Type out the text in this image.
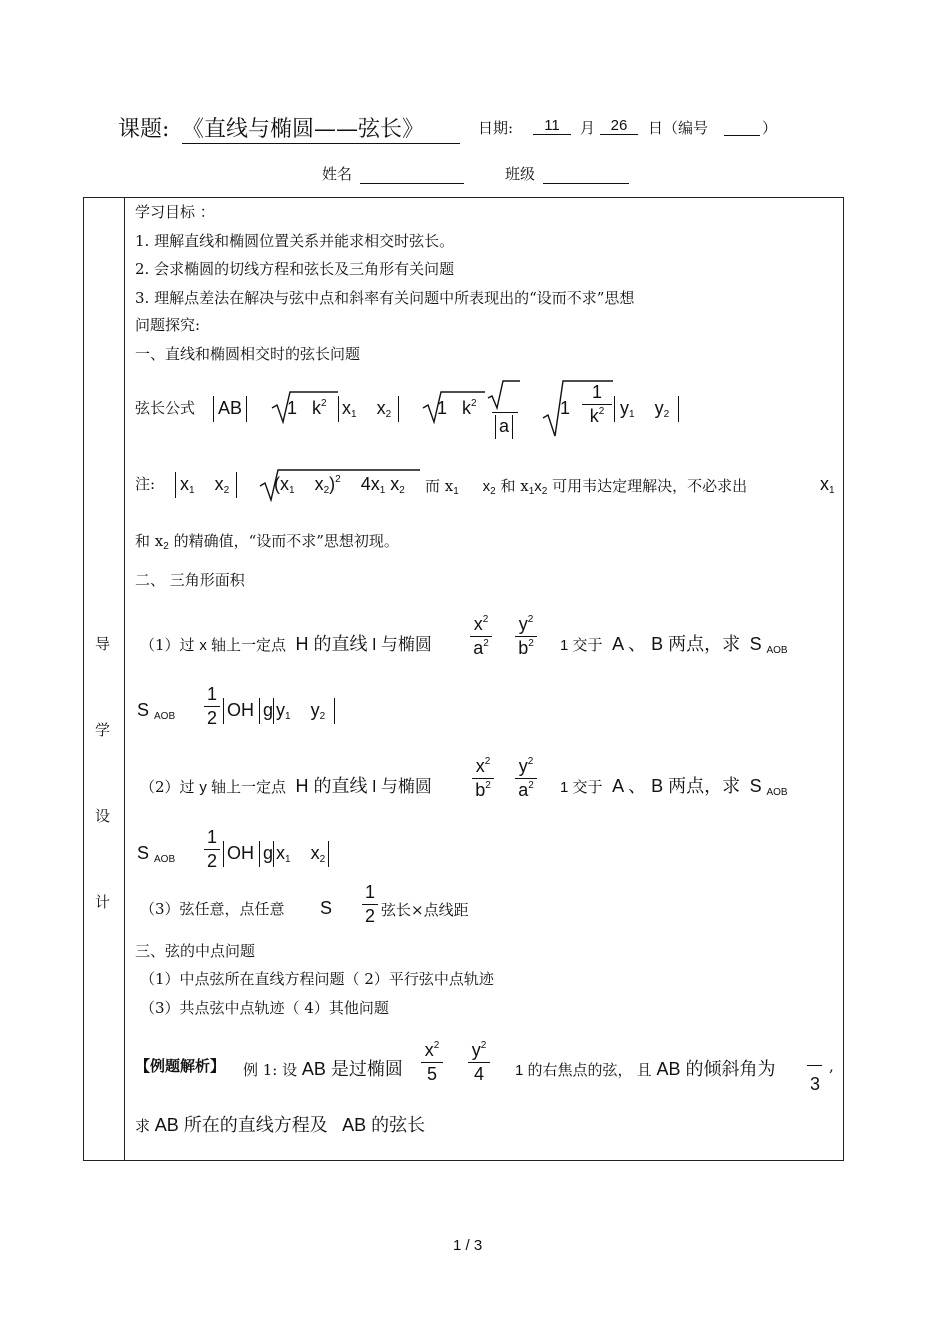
课题: 《直线与椭圆——弦长》	日期:	11	月	26	日（编号	）
姓名	班级
导
学
设
计
学习目标 ：
1. 理解直线和椭圆位置关系并能求相交时弦长。
2. 会求椭圆的切线方程和弦长及三角形有关问题
3. 理解点差法在解决与弦中点和斜率有关问题中所表现出的“设而不求”思想
问题探究:
一、直线和椭圆相交时的弦长问题
弦长公式 AB 1   $k^2$ $x_1$    $x_2$	1   $k^2$
a
1
1
$k^2$ $y_1$    $y_2$
注: $x_1$    $x_2$ ($x_1$    $x_2)^2$    $4x_1$ $x_2$ 而 $x_1$ $x_2$ 和 $x_1x_2$ 可用韦达定理解决，不必求出	$x_1$
和 $x_2$ 的精确值，“设而不求”思想初现。
二、 三角形面积
（1）过 x 轴上一定点 H 的直线 l 与椭圆
$x^2$
$a^2$
$y^2$
$b^2$ 1 交于 A 、 B 两点，求 S $_{AOB}$
S $_{AOB}$
1
2 OH g $y_1$    $y_2$
（2）过 y 轴上一定点 H 的直线 l 与椭圆
$x^2$
$b^2$
$y^2$
$a^2$ 1 交于 A 、 B 两点，求 S $_{AOB}$
S $_{AOB}$
1
2 OH g $x_1$    $x_2$
（3）弦任意，点任意 S
1
2 弦长×点线距
三、弦的中点问题
（1）中点弦所在直线方程问题（ 2）平行弦中点轨迹
（3）共点弦中点轨迹（ 4）其他问题
【例题解析】 例 1: 设 AB 是过椭圆
$x^2$
5
$y^2$
4	1 的右焦点的弦， 且 AB 的倾斜角为
3
,
求 AB 所在的直线方程及 AB 的弦长
1 / 3
